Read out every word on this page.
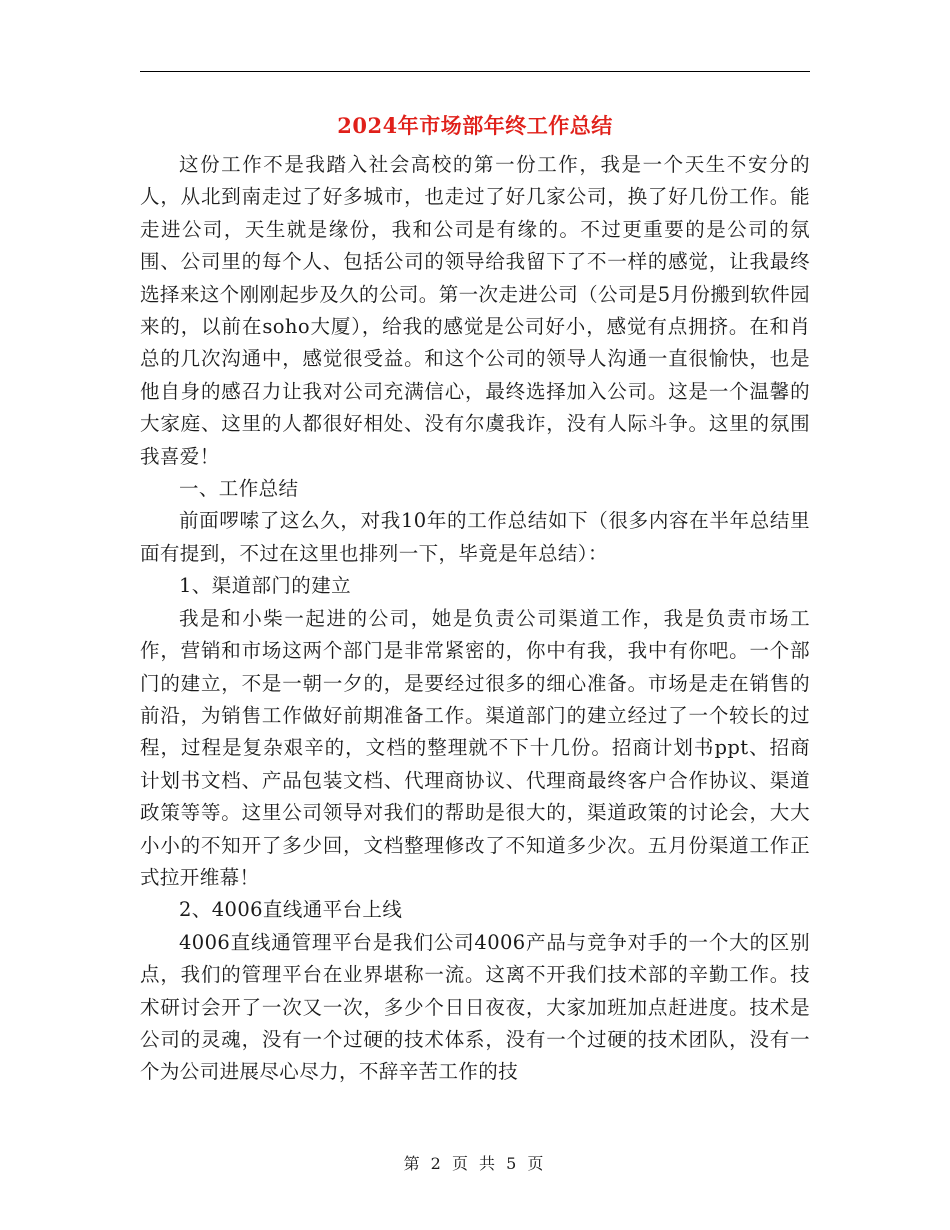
2024年市场部年终工作总结

这份工作不是我踏入社会高校的第一份工作，我是一个天生不安分的人，从北到南走过了好多城市，也走过了好几家公司，换了好几份工作。能走进公司，天生就是缘份，我和公司是有缘的。不过更重要的是公司的氛围、公司里的每个人、包括公司的领导给我留下了不一样的感觉，让我最终选择来这个刚刚起步及久的公司。第一次走进公司（公司是5月份搬到软件园来的，以前在soho大厦），给我的感觉是公司好小，感觉有点拥挤。在和肖总的几次沟通中，感觉很受益。和这个公司的领导人沟通一直很愉快，也是他自身的感召力让我对公司充满信心，最终选择加入公司。这是一个温馨的大家庭、这里的人都很好相处、没有尔虞我诈，没有人际斗争。这里的氛围我喜爱！

一、工作总结

前面啰嗦了这么久，对我10年的工作总结如下（很多内容在半年总结里面有提到，不过在这里也排列一下，毕竟是年总结）：

1、渠道部门的建立

我是和小柴一起进的公司，她是负责公司渠道工作，我是负责市场工作，营销和市场这两个部门是非常紧密的，你中有我，我中有你吧。一个部门的建立，不是一朝一夕的，是要经过很多的细心准备。市场是走在销售的前沿，为销售工作做好前期准备工作。渠道部门的建立经过了一个较长的过程，过程是复杂艰辛的，文档的整理就不下十几份。招商计划书ppt、招商计划书文档、产品包装文档、代理商协议、代理商最终客户合作协议、渠道政策等等。这里公司领导对我们的帮助是很大的，渠道政策的讨论会，大大小小的不知开了多少回，文档整理修改了不知道多少次。五月份渠道工作正式拉开维幕！

2、4006直线通平台上线

4006直线通管理平台是我们公司4006产品与竞争对手的一个大的区别点，我们的管理平台在业界堪称一流。这离不开我们技术部的辛勤工作。技术研讨会开了一次又一次，多少个日日夜夜，大家加班加点赶进度。技术是公司的灵魂，没有一个过硬的技术体系，没有一个过硬的技术团队，没有一个为公司进展尽心尽力，不辞辛苦工作的技

第 2 页 共 5 页
